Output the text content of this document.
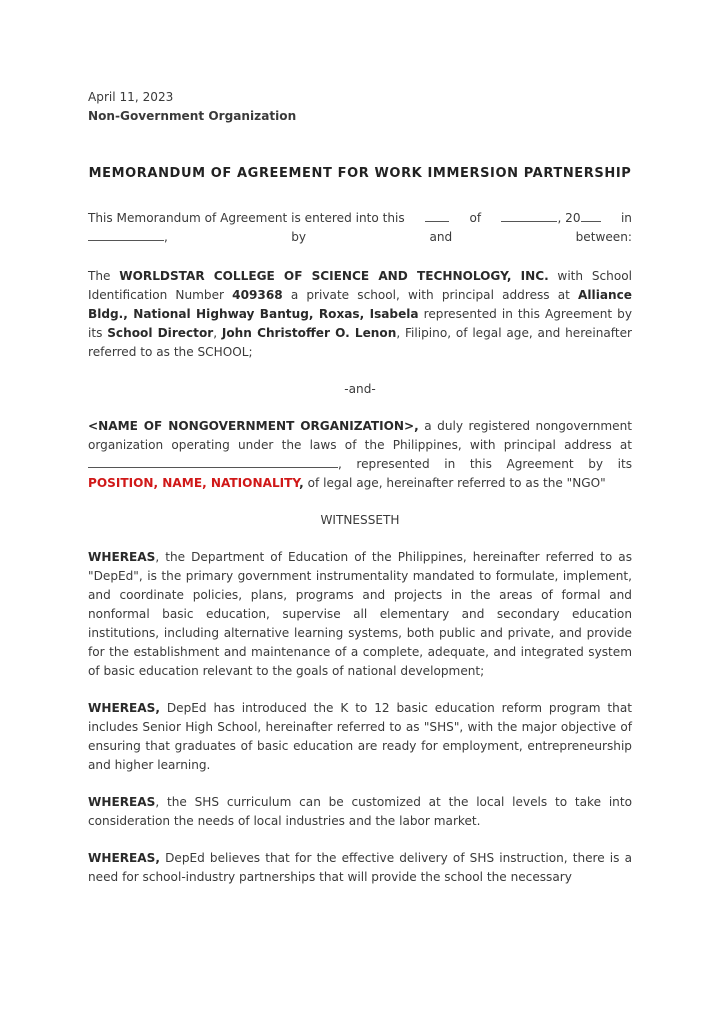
April 11, 2023
Non-Government Organization
MEMORANDUM OF AGREEMENT FOR WORK IMMERSION PARTNERSHIP
This Memorandum of Agreement is entered into this	of	, 20	in
,	by	and	between:

The WORLDSTAR COLLEGE OF SCIENCE AND TECHNOLOGY, INC. with School Identification Number 409368 a private school, with principal address at Alliance Bldg., National Highway Bantug, Roxas, Isabela represented in this Agreement by its School Director, John Christoffer O. Lenon, Filipino, of legal age, and hereinafter referred to as the SCHOOL;

-and-

<NAME OF NONGOVERNMENT ORGANIZATION>, a duly registered nongovernment organization operating under the laws of the Philippines, with principal address at , represented in this Agreement by its POSITION, NAME, NATIONALITY, of legal age, hereinafter referred to as the "NGO"

WITNESSETH

WHEREAS, the Department of Education of the Philippines, hereinafter referred to as "DepEd", is the primary government instrumentality mandated to formulate, implement, and coordinate policies, plans, programs and projects in the areas of formal and nonformal basic education, supervise all elementary and secondary education institutions, including alternative learning systems, both public and private, and provide for the establishment and maintenance of a complete, adequate, and integrated system of basic education relevant to the goals of national development;

WHEREAS, DepEd has introduced the K to 12 basic education reform program that includes Senior High School, hereinafter referred to as "SHS", with the major objective of ensuring that graduates of basic education are ready for employment, entrepreneurship and higher learning.

WHEREAS, the SHS curriculum can be customized at the local levels to take into consideration the needs of local industries and the labor market.

WHEREAS, DepEd believes that for the effective delivery of SHS instruction, there is a need for school-industry partnerships that will provide the school the necessary
